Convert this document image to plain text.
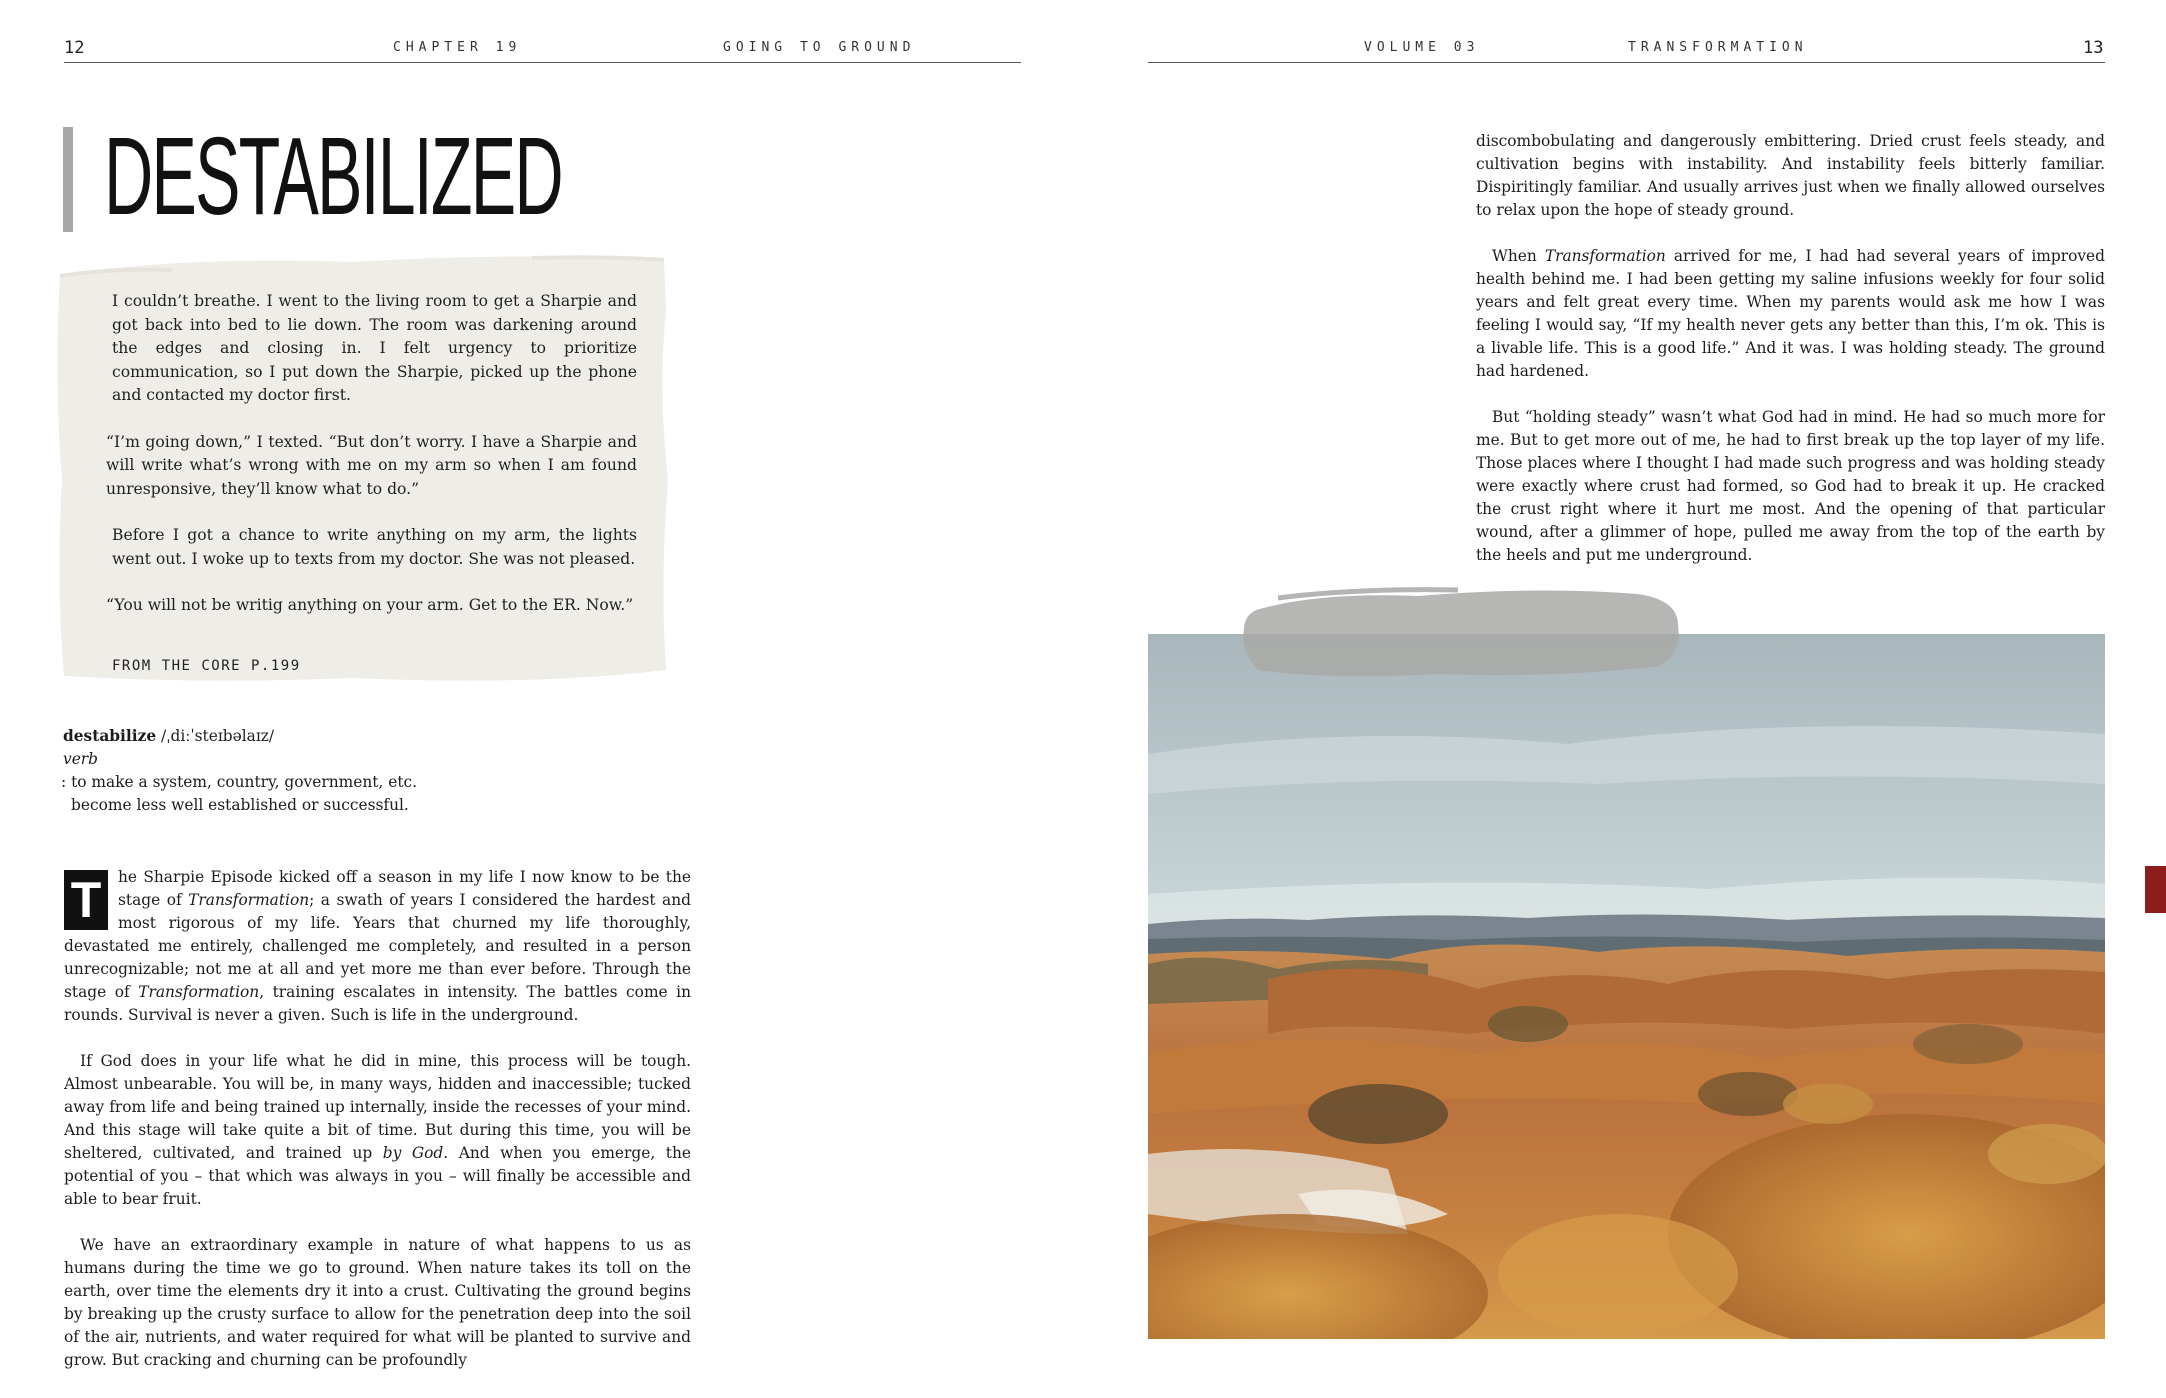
12	CHAPTER 19	GOING TO GROUND
DESTABILIZED

I couldn’t breathe. I went to the living room to get a Sharpie and got back into bed to lie down. The room was darkening around the edges and closing in. I felt urgency to prioritize communication, so I put down the Sharpie, picked up the phone and contacted my doctor first.

“I’m going down,” I texted. “But don’t worry. I have a Sharpie and will write what’s wrong with me on my arm so when I am found unresponsive, they’ll know what to do.”

Before I got a chance to write anything on my arm, the lights went out. I woke up to texts from my doctor. She was not pleased.

“You will not be writig anything on your arm. Get to the ER. Now.”

FROM THE CORE P.199
destabilize /ˌdiːˈsteɪbəlaɪz/
verb
: to make a system, country, government, etc.
become less well established or successful.

T	he Sharpie Episode kicked off a season in my life I now know to be the stage of Transformation; a swath of years I considered the hardest and most rigorous of my life. Years that churned my life thoroughly, devastated me entirely, challenged me completely, and resulted in a person unrecognizable; not me at all and yet more me than ever before. Through the stage of Transformation, training escalates in intensity. The battles come in rounds. Survival is never a given. Such is life in the underground.

If God does in your life what he did in mine, this process will be tough. Almost unbearable. You will be, in many ways, hidden and inaccessible; tucked away from life and being trained up internally, inside the recesses of your mind. And this stage will take quite a bit of time. But during this time, you will be sheltered, cultivated, and trained up by God. And when you emerge, the potential of you – that which was always in you – will finally be accessible and able to bear fruit.

We have an extraordinary example in nature of what happens to us as humans during the time we go to ground. When nature takes its toll on the earth, over time the elements dry it into a crust. Cultivating the ground begins by breaking up the crusty surface to allow for the penetration deep into the soil of the air, nutrients, and water required for what will be planted to survive and grow. But cracking and churning can be profoundly

VOLUME 03	TRANSFORMATION	13

discombobulating and dangerously embittering. Dried crust feels steady, and cultivation begins with instability. And instability feels bitterly familiar. Dispiritingly familiar. And usually arrives just when we finally allowed ourselves to relax upon the hope of steady ground.

When Transformation arrived for me, I had had several years of improved health behind me. I had been getting my saline infusions weekly for four solid years and felt great every time. When my parents would ask me how I was feeling I would say, “If my health never gets any better than this, I’m ok. This is a livable life. This is a good life.” And it was. I was holding steady. The ground had hardened.

But “holding steady” wasn’t what God had in mind. He had so much more for me. But to get more out of me, he had to first break up the top layer of my life. Those places where I thought I had made such progress and was holding steady were exactly where crust had formed, so God had to break it up. He cracked the crust right where it hurt me most. And the opening of that particular wound, after a glimmer of hope, pulled me away from the top of the earth by the heels and put me underground.
